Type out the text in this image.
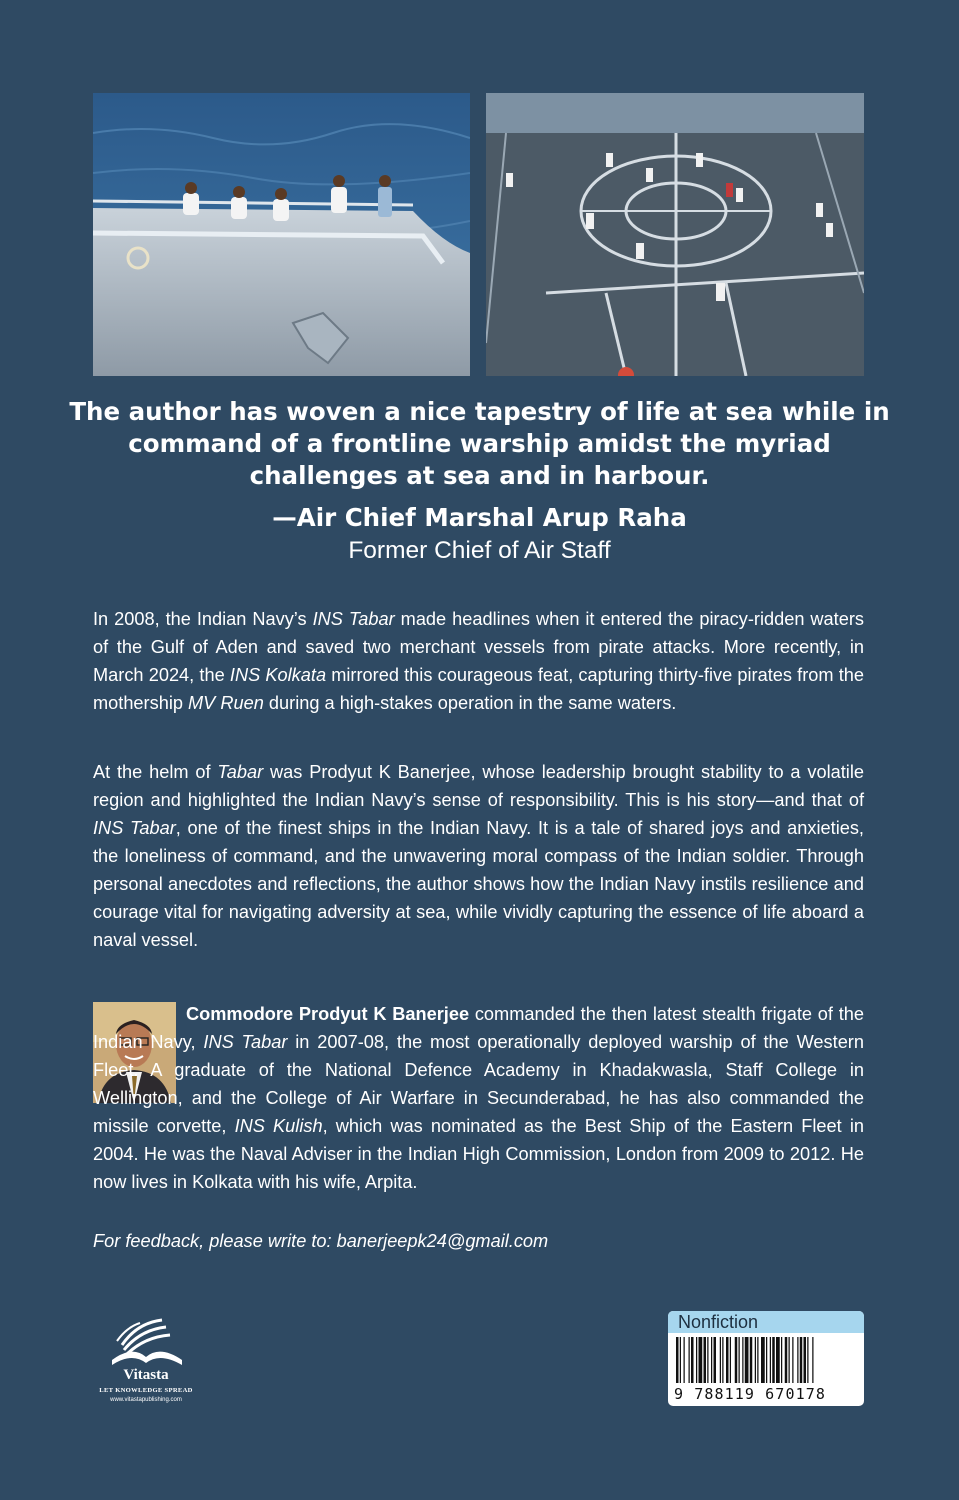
The author has woven a nice tapestry of life at sea while in command of a frontline warship amidst the myriad challenges at sea and in harbour.
—Air Chief Marshal Arup Raha
Former Chief of Air Staff
In 2008, the Indian Navy’s INS Tabar made headlines when it entered the piracy-ridden waters of the Gulf of Aden and saved two merchant vessels from pirate attacks. More recently, in March 2024, the INS Kolkata mirrored this courageous feat, capturing thirty-five pirates from the mothership MV Ruen during a high-stakes operation in the same waters.
At the helm of Tabar was Prodyut K Banerjee, whose leadership brought stability to a volatile region and highlighted the Indian Navy’s sense of responsibility. This is his story—and that of INS Tabar, one of the finest ships in the Indian Navy. It is a tale of shared joys and anxieties, the loneliness of command, and the unwavering moral compass of the Indian soldier. Through personal anecdotes and reflections, the author shows how the Indian Navy instils resilience and courage vital for navigating adversity at sea, while vividly capturing the essence of life aboard a naval vessel.
Commodore Prodyut K Banerjee commanded the then latest stealth frigate of the Indian Navy, INS Tabar in 2007-08, the most operationally deployed warship of the Western Fleet. A graduate of the National Defence Academy in Khadakwasla, Staff College in Wellington, and the College of Air Warfare in Secunderabad, he has also commanded the missile corvette, INS Kulish, which was nominated as the Best Ship of the Eastern Fleet in 2004. He was the Naval Adviser in the Indian High Commission, London from 2009 to 2012. He now lives in Kolkata with his wife, Arpita.
For feedback, please write to: banerjeepk24@gmail.com
Vitasta
LET KNOWLEDGE SPREAD
www.vitastapublishing.com
Nonfiction
9 788119 670178
